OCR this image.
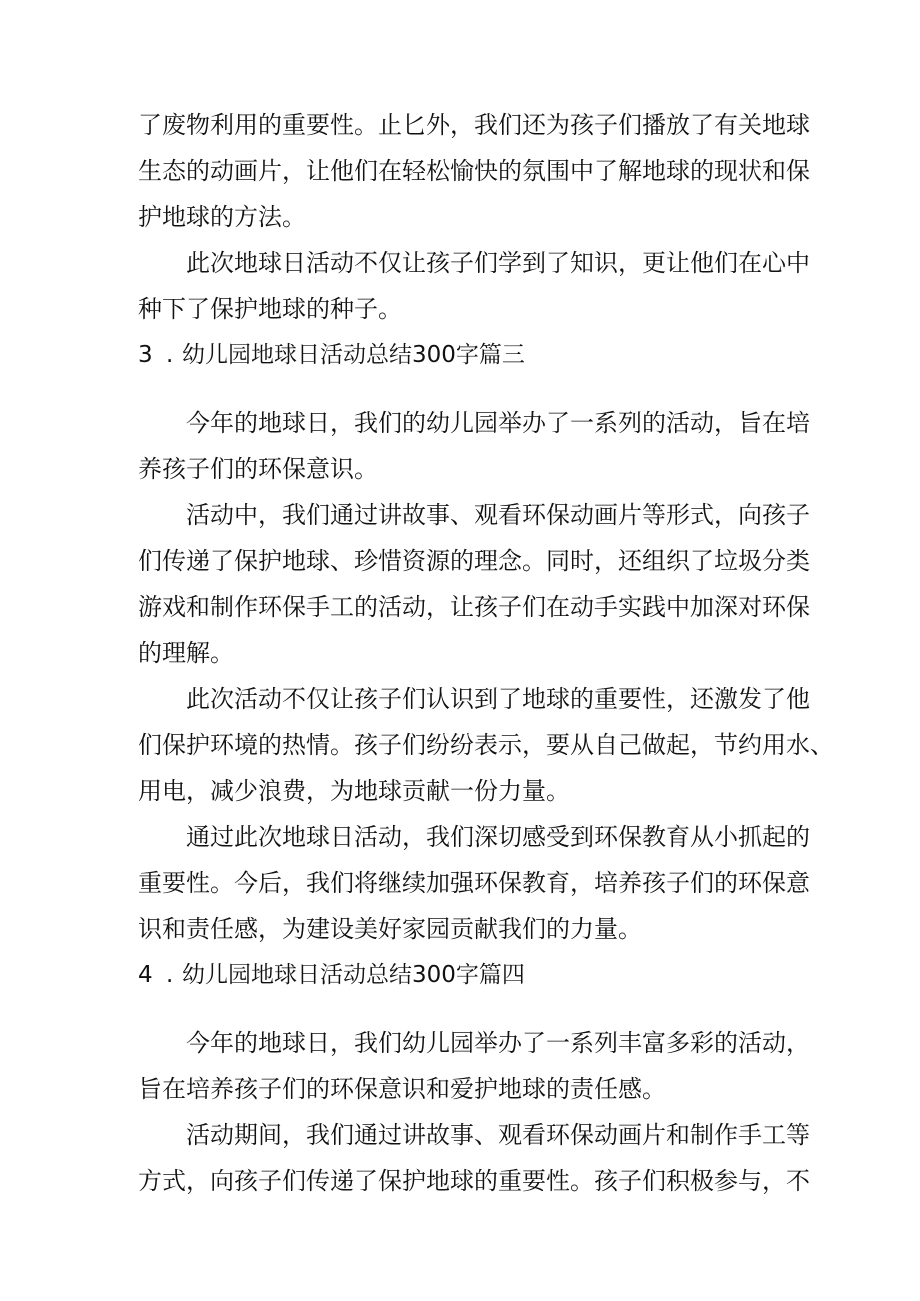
了废物利用的重要性。止匕外，我们还为孩子们播放了有关地球
生态的动画片，让他们在轻松愉快的氛围中了解地球的现状和保
护地球的方法。

此次地球日活动不仅让孩子们学到了知识，更让他们在心中
种下了保护地球的种子。

3 . 幼儿园地球日活动总结300字篇三

今年的地球日，我们的幼儿园举办了一系列的活动，旨在培
养孩子们的环保意识。

活动中，我们通过讲故事、观看环保动画片等形式，向孩子
们传递了保护地球、珍惜资源的理念。同时，还组织了垃圾分类
游戏和制作环保手工的活动，让孩子们在动手实践中加深对环保
的理解。

此次活动不仅让孩子们认识到了地球的重要性，还激发了他
们保护环境的热情。孩子们纷纷表示，要从自己做起，节约用水、
用电，减少浪费，为地球贡献一份力量。

通过此次地球日活动，我们深切感受到环保教育从小抓起的
重要性。今后，我们将继续加强环保教育，培养孩子们的环保意
识和责任感，为建设美好家园贡献我们的力量。

4 . 幼儿园地球日活动总结300字篇四

今年的地球日，我们幼儿园举办了一系列丰富多彩的活动，
旨在培养孩子们的环保意识和爱护地球的责任感。

活动期间，我们通过讲故事、观看环保动画片和制作手工等
方式，向孩子们传递了保护地球的重要性。孩子们积极参与，不
